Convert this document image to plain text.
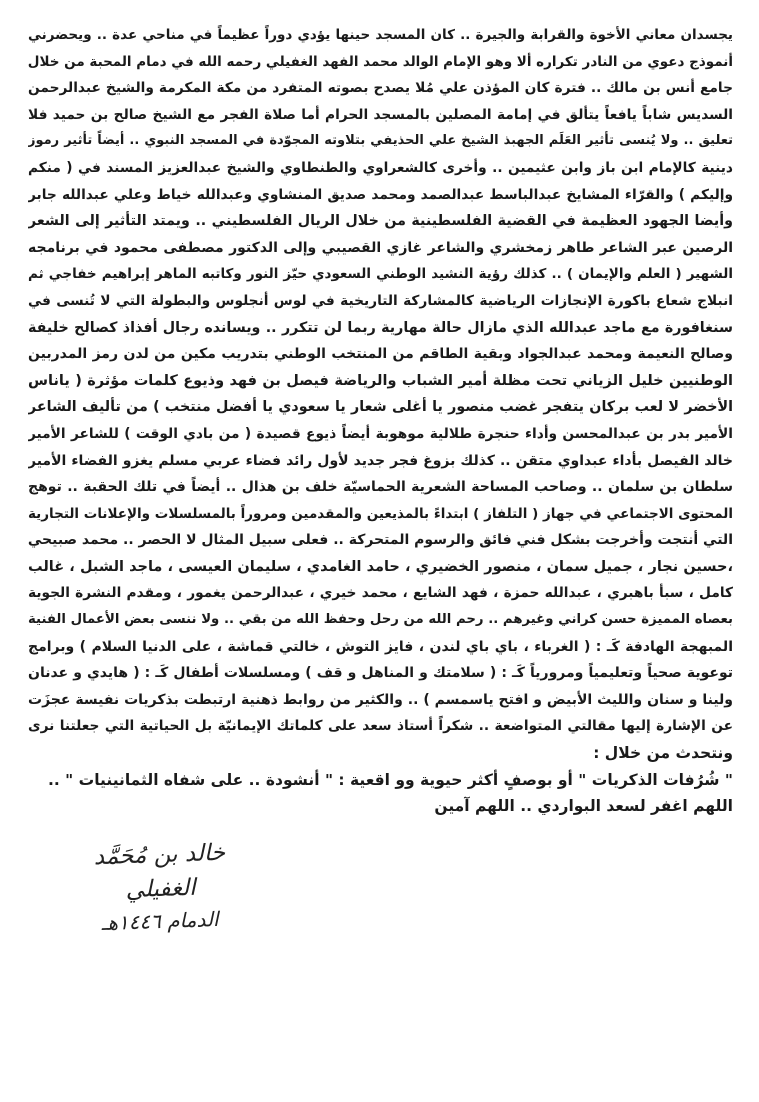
يجسدان معاني الأخوة والقرابة والجيرة .. كان المسجد حينها يؤدي دوراً عظيماً في مناحي عدة .. ويحضرني
أنموذج دعوي من النادر تكراره ألا وهو الإمام الوالد محمد الفهد الغفيلي رحمه الله في دمام المحبة من خلال
جامع أنس بن مالك .. فترة كان المؤذن علي مُلا يصدح بصوته المتفرد من مكة المكرمة والشيخ عبدالرحمن
السديس شاباً يافعاً يتألق في إمامة المصلين بالمسجد الحرام أما صلاة الفجر مع الشيخ صالح بن حميد فلا
تعليق .. ولا يُنسى تأثير العَلَم الجهبذ الشيخ علي الحذيفي بتلاوته المجوّدة في المسجد النبوي .. أيضاً تأثير رموز
دينية كالإمام ابن باز وابن عثيمين .. وأخرى كالشعراوي والطنطاوي والشيخ عبدالعزيز المسند في ( منكم
وإليكم ) والقرّاء المشايخ عبدالباسط عبدالصمد ومحمد صديق المنشاوي وعبدالله خياط وعلي عبدالله جابر
وأيضا الجهود العظيمة في القضية الفلسطينية من خلال الريال الفلسطيني .. ويمتد التأثير إلى الشعر
الرصين عبر الشاعر طاهر زمخشري والشاعر غازي القصيبي وإلى الدكتور مصطفى محمود في برنامجه
الشهير ( العلم والإيمان ) .. كذلك رؤية النشيد الوطني السعودي حيّز النور وكاتبه الماهر إبراهيم خفاجي ثم
انبلاج شعاع باكورة الإنجازات الرياضية كالمشاركة التاريخية في لوس أنجلوس والبطولة التي لا تُنسى في
سنغافورة مع ماجد عبدالله الذي مازال حالة مهارية ربما لن تتكرر .. ويسانده رجال أفذاذ كصالح خليفة
وصالح النعيمة ومحمد عبدالجواد وبقية الطاقم من المنتخب الوطني بتدريب مكين من لدن رمز المدربين
الوطنيين خليل الزياني تحت مظلة أمير الشباب والرياضة فيصل بن فهد وذيوع كلمات مؤثرة ( ياناس
الأخضر لا لعب بركان يتفجر غضب منصور يا أغلى شعار يا سعودي يا أفضل منتخب ) من تأليف الشاعر
الأمير بدر بن عبدالمحسن وأداء حنجرة طلالية موهوبة أيضاً ذيوع قصيدة ( من بادي الوقت ) للشاعر الأمير
خالد الفيصل بأداء عبداوي متقن .. كذلك بزوغ فجر جديد لأول رائد فضاء عربي مسلم يغزو الفضاء الأمير
سلطان بن سلمان .. وصاحب المساحة الشعرية الحماسيّة خلف بن هذال .. أيضاً في تلك الحقبة .. توهج
المحتوى الاجتماعي في جهاز ( التلفاز ) ابتداءً بالمذيعين والمقدمين ومروراً بالمسلسلات والإعلانات التجارية
التي أنتجت وأخرجت بشكل فني فائق والرسوم المتحركة .. فعلى سبيل المثال لا الحصر .. محمد صبيحي
،حسين نجار ، جميل سمان ، منصور الخضيري ، حامد الغامدي ، سليمان العيسى ، ماجد الشبل ، غالب
كامل ، سبأ باهبري ، عبدالله حمزة ، فهد الشايع ، محمد خيري ، عبدالرحمن يغمور ، ومقدم النشرة الجوية
بعصاه المميزة حسن كراني وغيرهم .. رحم الله من رحل وحفظ الله من بقي .. ولا ننسى بعض الأعمال الفنية
المبهجة الهادفة كَـ : ( الغرباء ، باي باي لندن ، فايز التوش ، خالتي قماشة ، على الدنيا السلام ) وبرامج
توعوية صحياً وتعليمياً ومرورياً كَـ : ( سلامتك و المناهل و قف ) ومسلسلات أطفال كَـ : ( هايدي و عدنان
ولينا و سنان والليث الأبيض و افتح ياسمسم ) .. والكثير من روابط ذهنية ارتبطت بذكريات نفيسة عجزَت
عن الإشارة إليها مقالتي المتواضعة .. شكراً أستاذ سعد على كلماتك الإيمانيّة بل الحياتية التي جعلتنا نرى
ونتحدث من خلال :
" شُرُفات الذكريات " أو بوصفٍ أكثر حيوية وو اقعية : " أنشودة .. على شفاه الثمانينيات " ..
اللهم اغفر لسعد البواردي .. اللهم آمين
خالد بن مُحَمَّد الغفيلي
الدمام ١٤٤٦هـ
